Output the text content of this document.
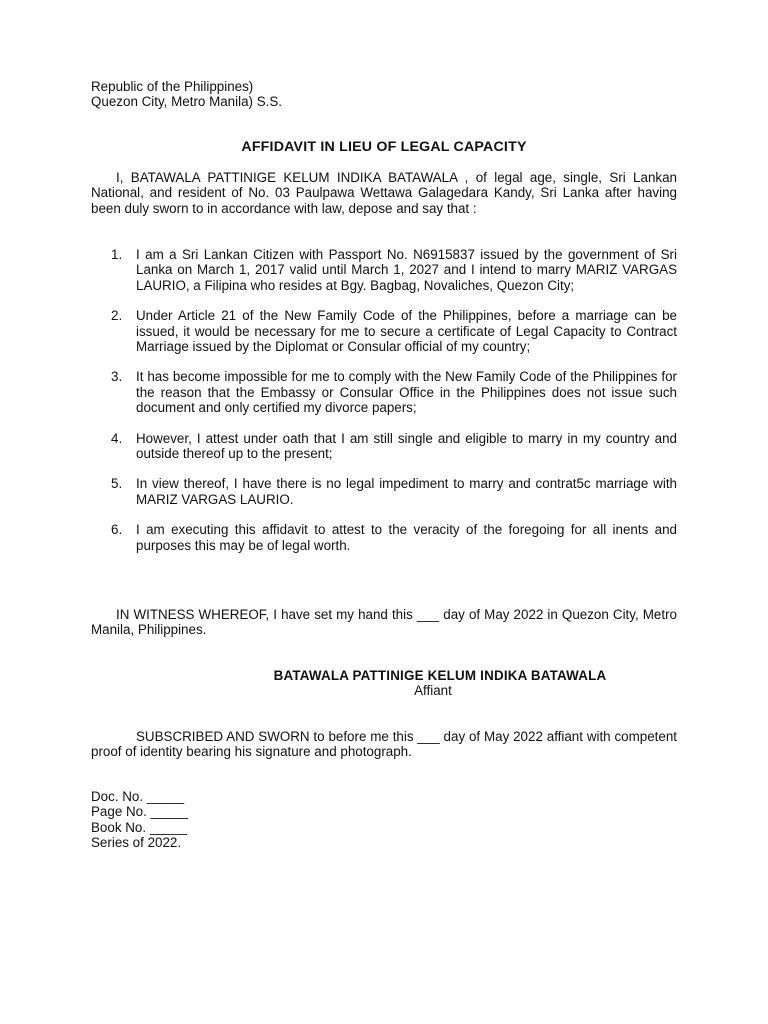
Republic of the Philippines)
Quezon City, Metro Manila) S.S.
AFFIDAVIT IN LIEU OF LEGAL CAPACITY
I, BATAWALA PATTINIGE KELUM INDIKA BATAWALA , of legal age, single, Sri Lankan National, and resident of No. 03 Paulpawa Wettawa Galagedara Kandy, Sri Lanka after having been duly sworn to in accordance with law, depose and say that :
1. I am a Sri Lankan Citizen with Passport No. N6915837 issued by the government of Sri Lanka on March 1, 2017 valid until March 1, 2027 and I intend to marry MARIZ VARGAS LAURIO, a Filipina who resides at Bgy. Bagbag, Novaliches, Quezon City;
2. Under Article 21 of the New Family Code of the Philippines, before a marriage can be issued, it would be necessary for me to secure a certificate of Legal Capacity to Contract Marriage issued by the Diplomat or Consular official of my country;
3. It has become impossible for me to comply with the New Family Code of the Philippines for the reason that the Embassy or Consular Office in the Philippines does not issue such document and only certified my divorce papers;
4. However, I attest under oath that I am still single and eligible to marry in my country and outside thereof up to the present;
5. In view thereof, I have there is no legal impediment to marry and contrat5c marriage with MARIZ VARGAS LAURIO.
6. I am executing this affidavit to attest to the veracity of the foregoing for all inents and purposes this may be of legal worth.
IN WITNESS WHEREOF, I have set my hand this ___ day of May 2022 in Quezon City, Metro Manila, Philippines.
BATAWALA PATTINIGE KELUM INDIKA BATAWALA
Affiant
SUBSCRIBED AND SWORN to before me this ___ day of May 2022 affiant with competent proof of identity bearing his signature and photograph.
Doc. No. _____
Page No. _____
Book No. _____
Series of 2022.
